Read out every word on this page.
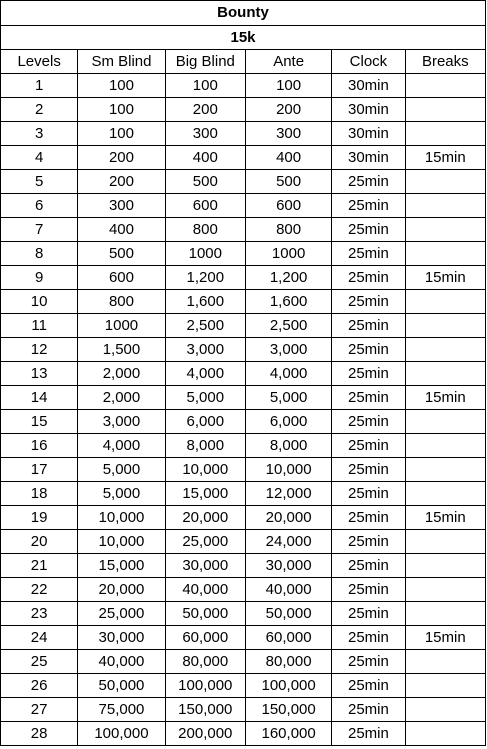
Bounty					
15k					
Levels	Sm Blind	Big Blind	Ante	Clock	Breaks
1	100	100	100	30min	
2	100	200	200	30min	
3	100	300	300	30min	
4	200	400	400	30min	15min
5	200	500	500	25min	
6	300	600	600	25min	
7	400	800	800	25min	
8	500	1000	1000	25min	
9	600	1,200	1,200	25min	15min
10	800	1,600	1,600	25min	
11	1000	2,500	2,500	25min	
12	1,500	3,000	3,000	25min	
13	2,000	4,000	4,000	25min	
14	2,000	5,000	5,000	25min	15min
15	3,000	6,000	6,000	25min	
16	4,000	8,000	8,000	25min	
17	5,000	10,000	10,000	25min	
18	5,000	15,000	12,000	25min	
19	10,000	20,000	20,000	25min	15min
20	10,000	25,000	24,000	25min	
21	15,000	30,000	30,000	25min	
22	20,000	40,000	40,000	25min	
23	25,000	50,000	50,000	25min	
24	30,000	60,000	60,000	25min	15min
25	40,000	80,000	80,000	25min	
26	50,000	100,000	100,000	25min	
27	75,000	150,000	150,000	25min	
28	100,000	200,000	160,000	25min	
